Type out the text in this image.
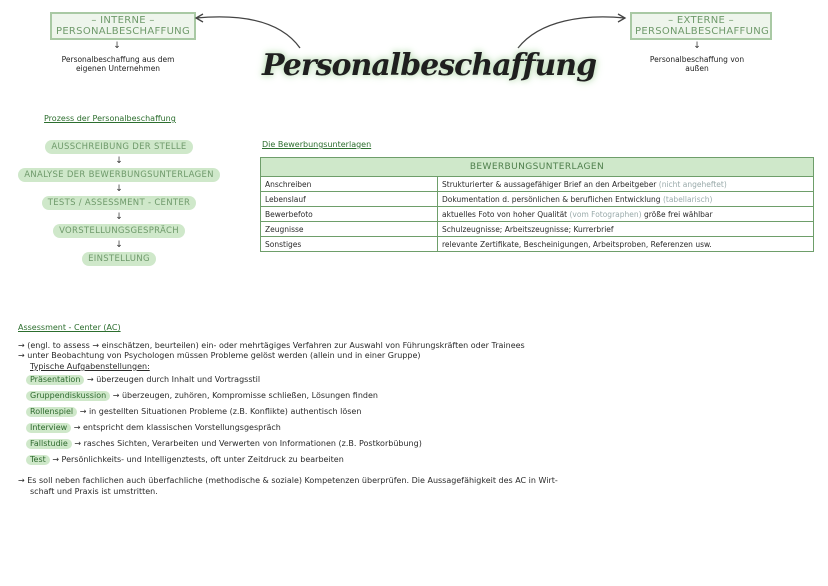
– INTERNE –
PERSONALBESCHAFFUNG
↓
Personalbeschaffung aus dem
eigenen Unternehmen
– EXTERNE –
PERSONALBESCHAFFUNG
↓
Personalbeschaffung von
außen
Personalbeschaffung
Prozess der Personalbeschaffung
AUSSCHREIBUNG DER STELLE
↓
ANALYSE DER BEWERBUNGSUNTERLAGEN
↓
TESTS / ASSESSMENT - CENTER
↓
VORSTELLUNGSGESPRÄCH
↓
EINSTELLUNG
Die Bewerbungsunterlagen
BEWERBUNGSUNTERLAGEN	
Anschreiben	Strukturierter & aussagefähiger Brief an den Arbeitgeber (nicht angeheftet)
Lebenslauf	Dokumentation d. persönlichen & beruflichen Entwicklung (tabellarisch)
Bewerbefoto	aktuelles Foto von hoher Qualität (vom Fotographen) größe frei wählbar
Zeugnisse	Schulzeugnisse; Arbeitszeugnisse; Kurrerbrief
Sonstiges	relevante Zertifikate, Bescheinigungen, Arbeitsproben, Referenzen usw.
Assessment - Center (AC)
→ (engl. to assess → einschätzen, beurteilen) ein- oder mehrtägiges Verfahren zur Auswahl von Führungskräften oder Trainees
→ unter Beobachtung von Psychologen müssen Probleme gelöst werden (allein und in einer Gruppe)
Typische Aufgabenstellungen:
Präsentation → überzeugen durch Inhalt und Vortragsstil
Gruppendiskussion → überzeugen, zuhören, Kompromisse schließen, Lösungen finden
Rollenspiel → in gestellten Situationen Probleme (z.B. Konflikte) authentisch lösen
Interview → entspricht dem klassischen Vorstellungsgespräch
Fallstudie → rasches Sichten, Verarbeiten und Verwerten von Informationen (z.B. Postkorbübung)
Test → Persönlichkeits- und Intelligenztests, oft unter Zeitdruck zu bearbeiten
→ Es soll neben fachlichen auch überfachliche (methodische & soziale) Kompetenzen überprüfen. Die Aussagefähigkeit des AC in Wirt-
schaft und Praxis ist umstritten.
